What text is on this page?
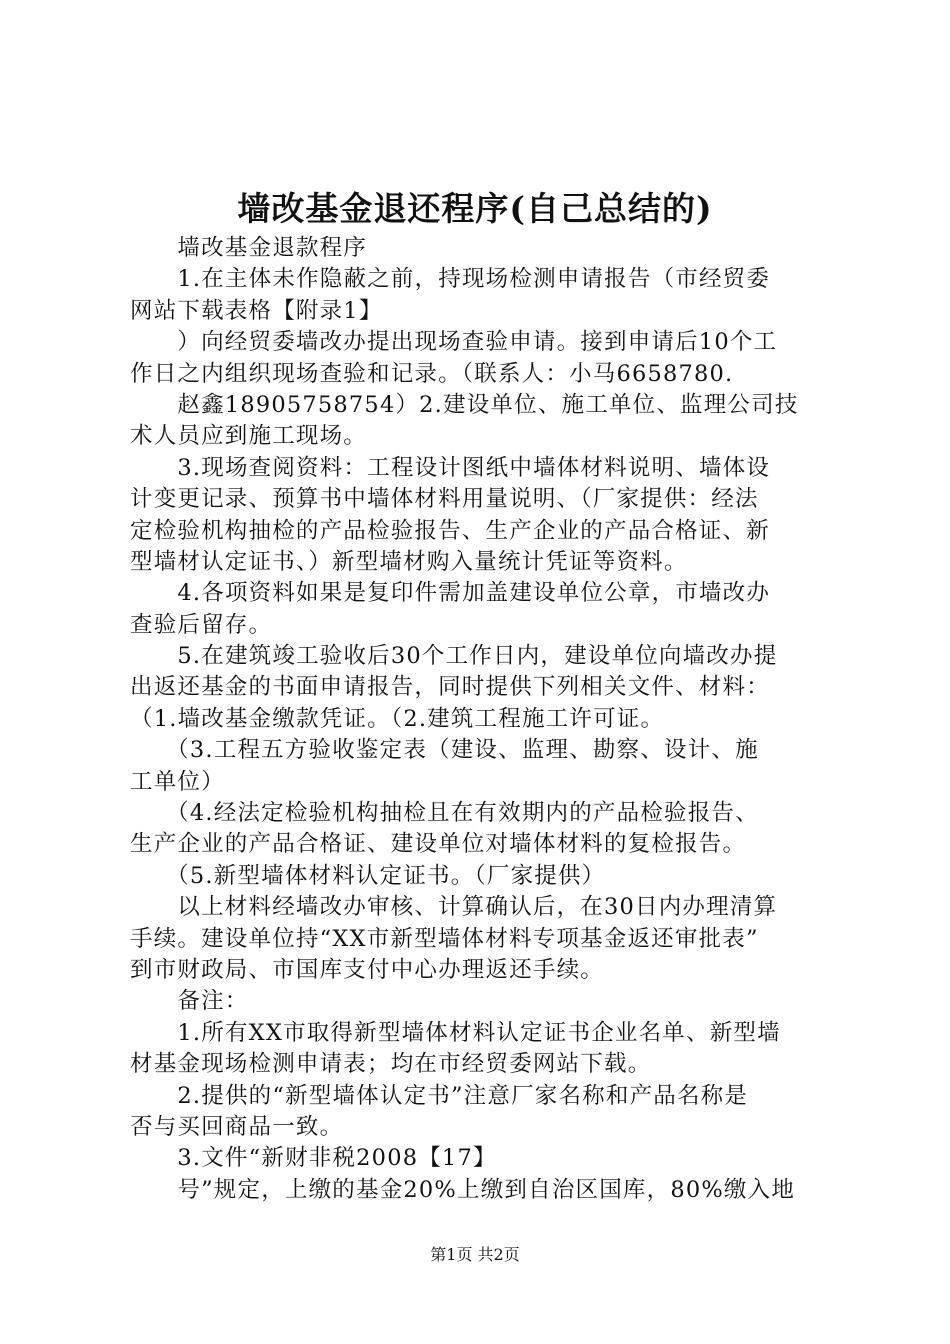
墙改基金退还程序(自己总结的)
　　墙改基金退款程序
　　1.在主体未作隐蔽之前，持现场检测申请报告（市经贸委
网站下载表格【附录1】
　　）向经贸委墙改办提出现场查验申请。接到申请后10个工
作日之内组织现场查验和记录。（联系人：小马6658780.
　　赵鑫18905758754）2.建设单位、施工单位、监理公司技
术人员应到施工现场。
　　3.现场查阅资料：工程设计图纸中墙体材料说明、墙体设
计变更记录、预算书中墙体材料用量说明、（厂家提供：经法
定检验机构抽检的产品检验报告、生产企业的产品合格证、新
型墙材认定证书、）新型墙材购入量统计凭证等资料。
　　4.各项资料如果是复印件需加盖建设单位公章，市墙改办
查验后留存。
　　5.在建筑竣工验收后30个工作日内，建设单位向墙改办提
出返还基金的书面申请报告，同时提供下列相关文件、材料：
（1.墙改基金缴款凭证。（2.建筑工程施工许可证。
　　（3.工程五方验收鉴定表（建设、监理、勘察、设计、施
工单位）
　　（4.经法定检验机构抽检且在有效期内的产品检验报告、
生产企业的产品合格证、建设单位对墙体材料的复检报告。
　　（5.新型墙体材料认定证书。（厂家提供）
　　以上材料经墙改办审核、计算确认后，在30日内办理清算
手续。建设单位持“XX市新型墙体材料专项基金返还审批表”
到市财政局、市国库支付中心办理返还手续。
　　备注：
　　1.所有XX市取得新型墙体材料认定证书企业名单、新型墙
材基金现场检测申请表；均在市经贸委网站下载。
　　2.提供的“新型墙体认定书”注意厂家名称和产品名称是
否与买回商品一致。
　　3.文件“新财非税2008【17】
　　号”规定，上缴的基金20%上缴到自治区国库，80%缴入地
第1页 共2页
